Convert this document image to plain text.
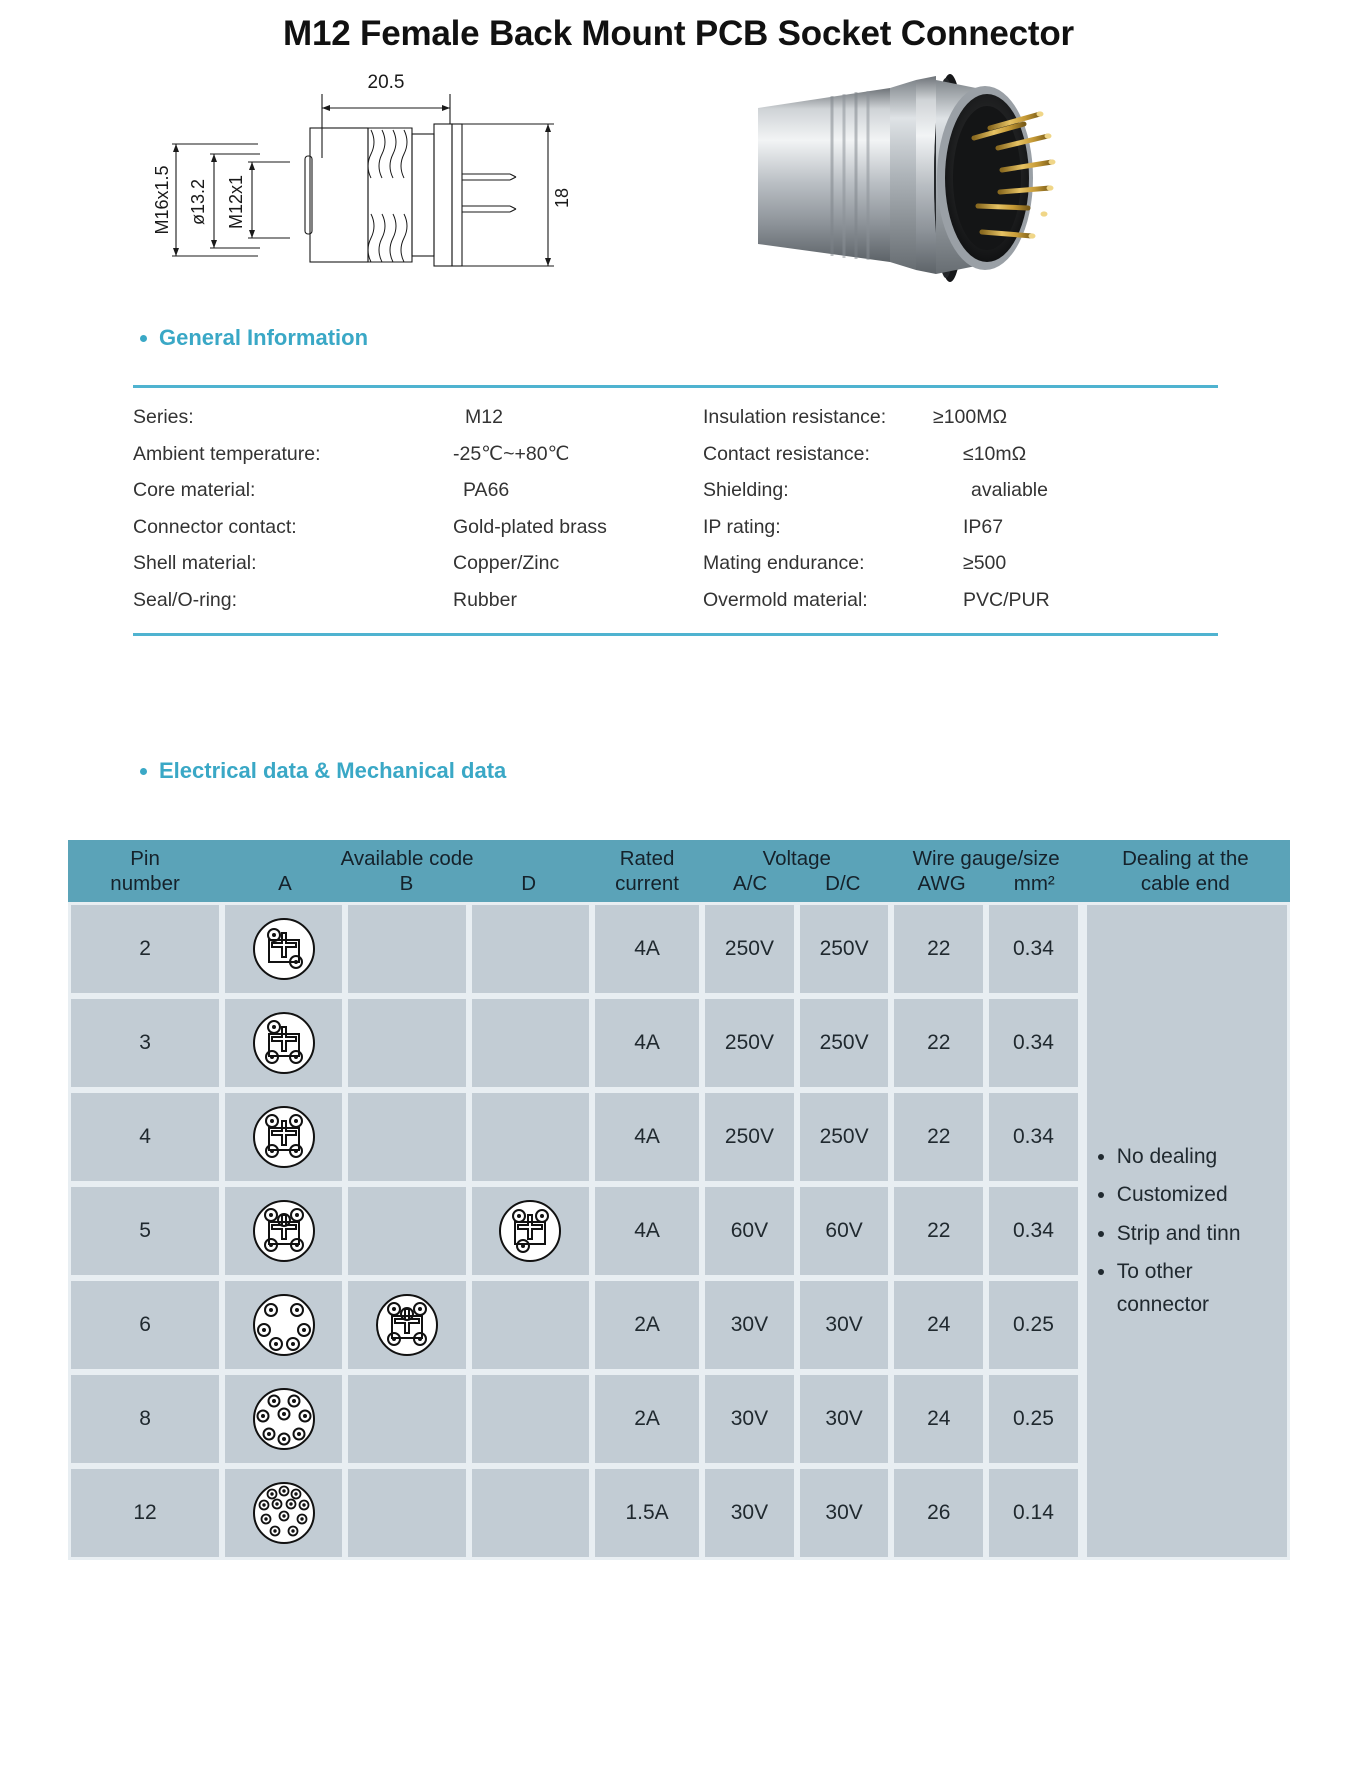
M12 Female Back Mount PCB Socket Connector
20.5
M16x1.5 ø13.2 M12x1	18
General Information
Series:	M12	Insulation resistance:	≥100MΩ
Ambient temperature:	-25℃~+80℃	Contact resistance:	≤10mΩ
Core material:	PA66	Shielding:	avaliable
Connector contact:	Gold-plated brass	IP rating:	IP67
Shell material:	Copper/Zinc	Mating endurance:	≥500
Seal/O-ring:	Rubber	Overmold material:	PVC/PUR
Electrical data & Mechanical data
Pin
number

Available code
A	B	D

Rated
current

Voltage
A/C	D/C

Wire gauge/size
AWG mm²

Dealing at the
cable end

2				4A	250V	250V	22	0.34	
• No dealing
• Customized
• Strip and tinn
• To other connector

3				4A	250V	250V	22	0.34	
4				4A	250V	250V	22	0.34	
5				4A	60V	60V	22	0.34	
6				2A	30V	30V	24	0.25	
8				2A	30V	30V	24	0.25	
12				1.5A	30V	30V	26	0.14	
